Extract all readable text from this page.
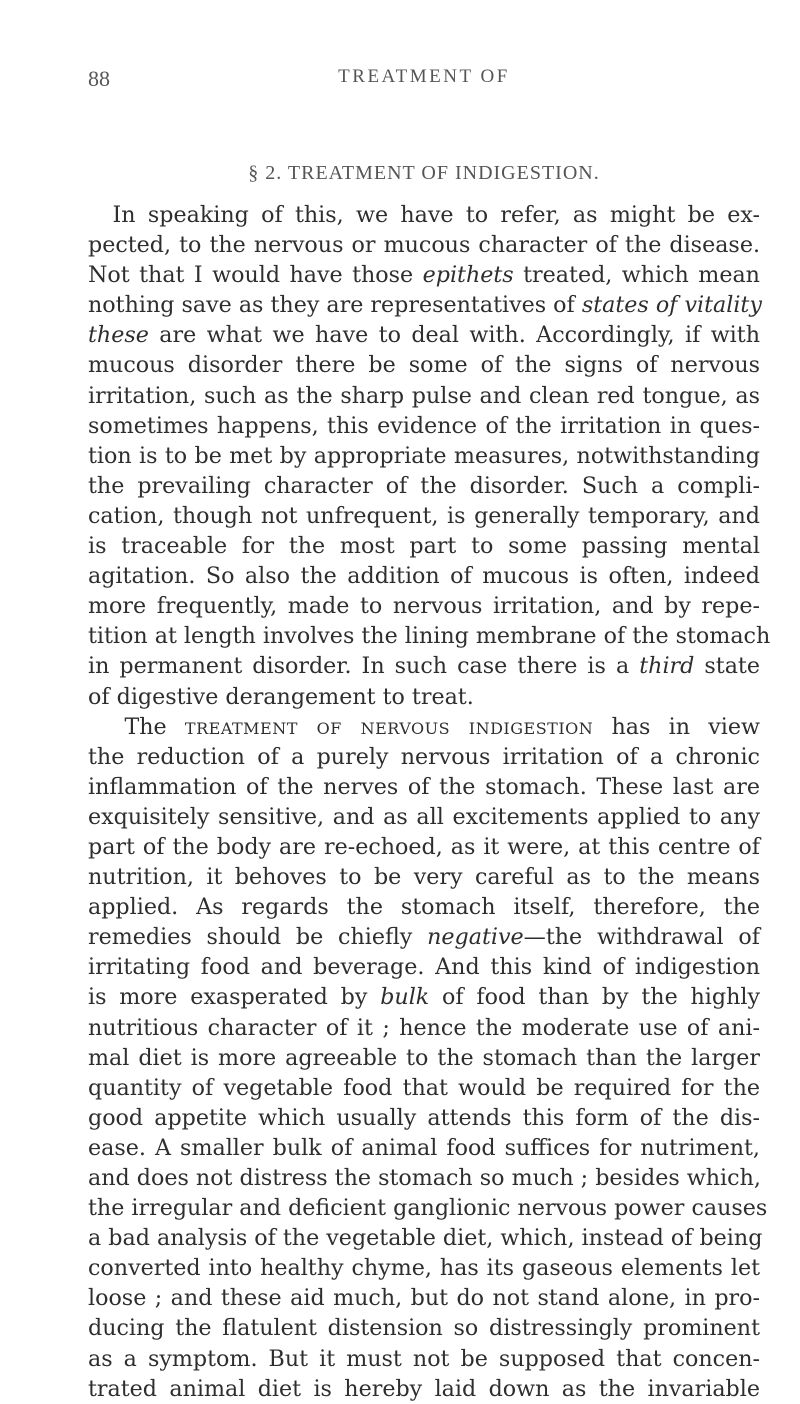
88	TREATMENT OF
§ 2. TREATMENT OF INDIGESTION.
In speaking of this, we have to refer, as might be ex-
pected, to the nervous or mucous character of the disease.
Not that I would have those epithets treated, which mean
nothing save as they are representatives of states of vitality
these are what we have to deal with. Accordingly, if with
mucous disorder there be some of the signs of nervous
irritation, such as the sharp pulse and clean red tongue, as
sometimes happens, this evidence of the irritation in ques-
tion is to be met by appropriate measures, notwithstanding
the prevailing character of the disorder. Such a compli-
cation, though not unfrequent, is generally temporary, and
is traceable for the most part to some passing mental
agitation. So also the addition of mucous is often, indeed
more frequently, made to nervous irritation, and by repe-
tition at length involves the lining membrane of the stomach
in permanent disorder. In such case there is a third state
of digestive derangement to treat.
The treatment of nervous indigestion has in view
the reduction of a purely nervous irritation of a chronic
inflammation of the nerves of the stomach. These last are
exquisitely sensitive, and as all excitements applied to any
part of the body are re-echoed, as it were, at this centre of
nutrition, it behoves to be very careful as to the means
applied. As regards the stomach itself, therefore, the
remedies should be chiefly negative—the withdrawal of
irritating food and beverage. And this kind of indigestion
is more exasperated by bulk of food than by the highly
nutritious character of it ; hence the moderate use of ani-
mal diet is more agreeable to the stomach than the larger
quantity of vegetable food that would be required for the
good appetite which usually attends this form of the dis-
ease. A smaller bulk of animal food suffices for nutriment,
and does not distress the stomach so much ; besides which,
the irregular and deficient ganglionic nervous power causes
a bad analysis of the vegetable diet, which, instead of being
converted into healthy chyme, has its gaseous elements let
loose ; and these aid much, but do not stand alone, in pro-
ducing the flatulent distension so distressingly prominent
as a symptom. But it must not be supposed that concen-
trated animal diet is hereby laid down as the invariable
